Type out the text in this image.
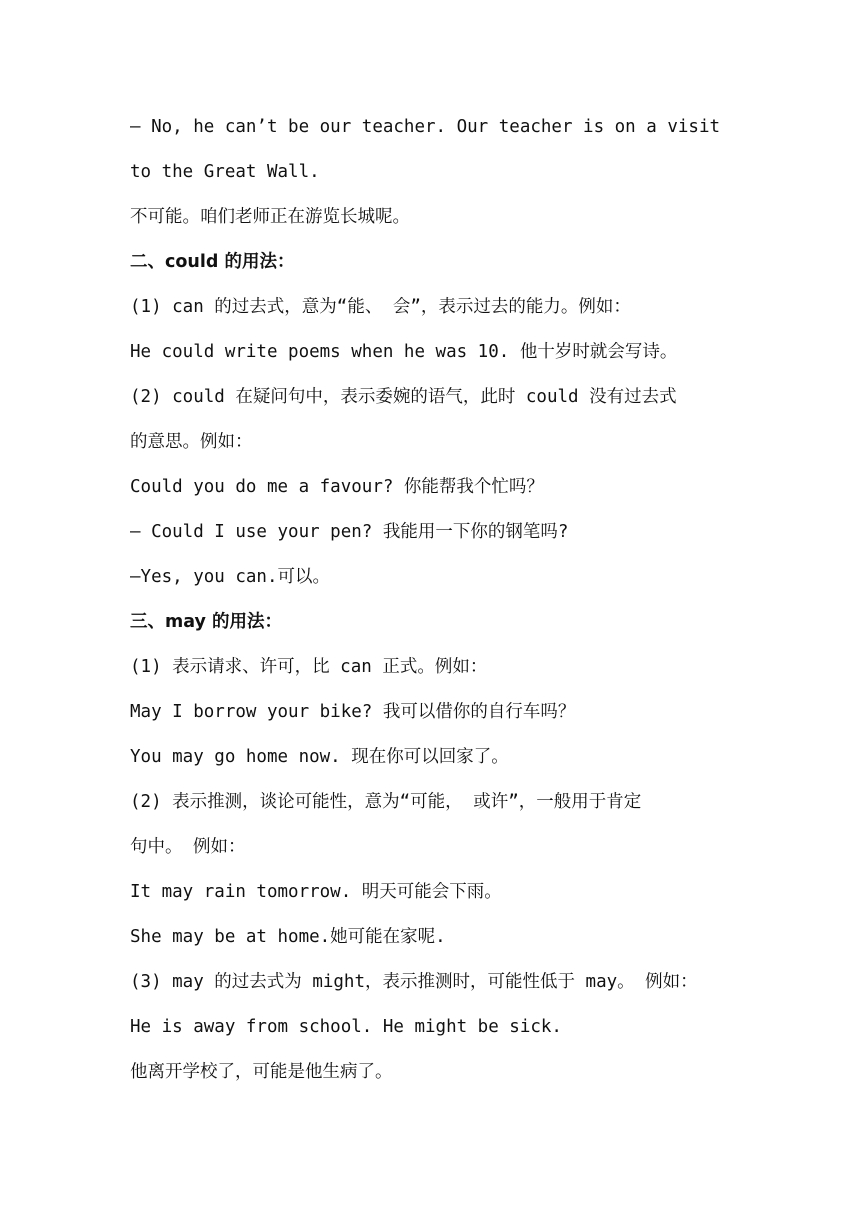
— No, he can’t be our teacher. Our teacher is on a visit
to the Great Wall.
不可能。咱们老师正在游览长城呢。
二、could 的用法：
(1) can 的过去式，意为“能、 会”，表示过去的能力。例如：
He could write poems when he was 10. 他十岁时就会写诗。
(2) could 在疑问句中，表示委婉的语气，此时 could 没有过去式
的意思。例如：
Could you do me a favour? 你能帮我个忙吗？
— Could I use your pen? 我能用一下你的钢笔吗?
—Yes, you can.可以。
三、may 的用法：
(1) 表示请求、许可，比 can 正式。例如：
May I borrow your bike? 我可以借你的自行车吗？
You may go home now. 现在你可以回家了。
(2) 表示推测，谈论可能性，意为“可能， 或许”，一般用于肯定
句中。 例如：
It may rain tomorrow. 明天可能会下雨。
She may be at home.她可能在家呢.
(3) may 的过去式为 might，表示推测时，可能性低于 may。 例如：
He is away from school. He might be sick.
他离开学校了，可能是他生病了。
